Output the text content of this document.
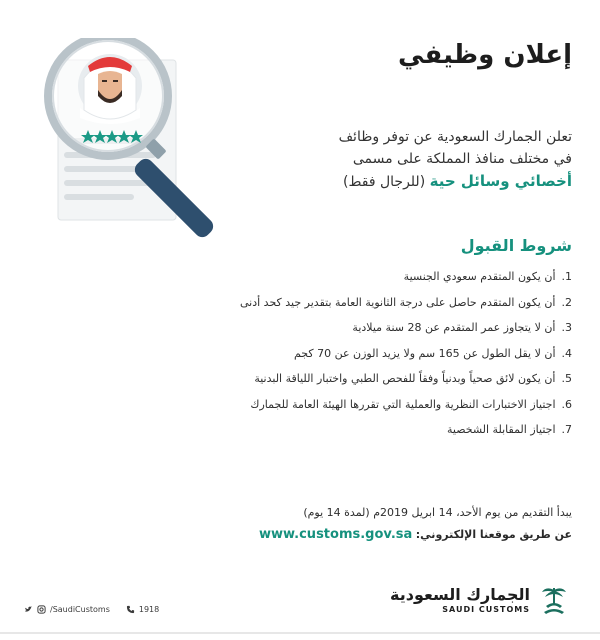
إعلان وظيفي
تعلن الجمارك السعودية عن توفر وظائف
في مختلف منافذ المملكة على مسمى
أخصائي وسائل حية (للرجال فقط)
شروط القبول
1.أن يكون المتقدم سعودي الجنسية
2.أن يكون المتقدم حاصل على درجة الثانوية العامة بتقدير جيد كحد أدنى
3.أن لا يتجاوز عمر المتقدم عن 28 سنة ميلادية
4.أن لا يقل الطول عن 165 سم ولا يزيد الوزن عن 70 كجم
5.أن يكون لائق صحياً وبدنياً وفقاً للفحص الطبي واختبار اللياقة البدنية
6.اجتياز الاختبارات النظرية والعملية التي تقررها الهيئة العامة للجمارك
7.اجتياز المقابلة الشخصية
يبدأ التقديم من يوم الأحد، 14 ابريل 2019م (لمدة 14 يوم)
عن طريق موقعنا الإلكتروني: www.customs.gov.sa
/SaudiCustoms	1918
الجمارك السعودية
SAUDI CUSTOMS
